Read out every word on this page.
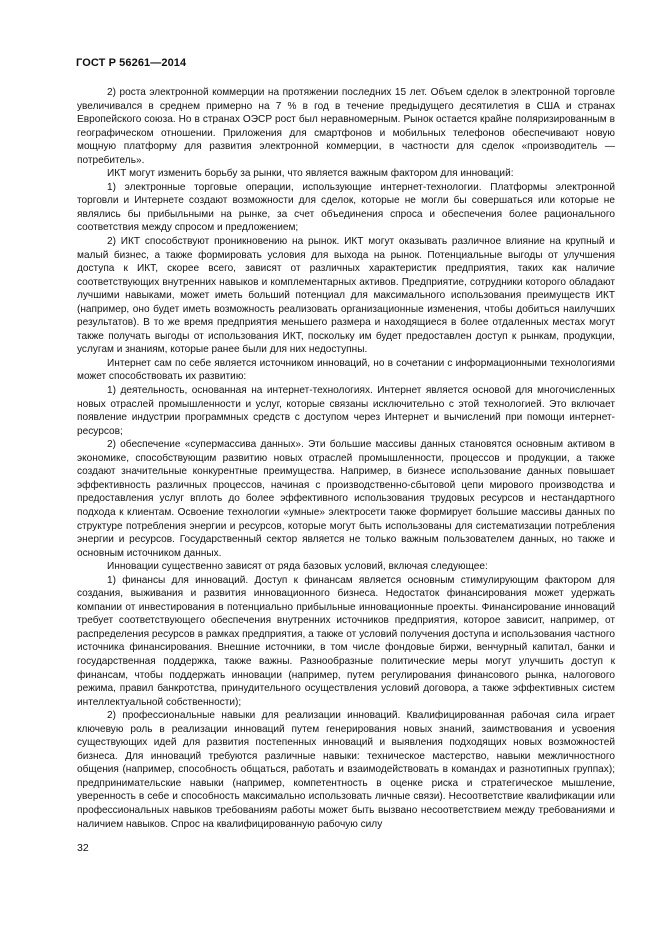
ГОСТ Р 56261—2014

2) роста электронной коммерции на протяжении последних 15 лет. Объем сделок в электронной торговле увеличивался в среднем примерно на 7 % в год в течение предыдущего десятилетия в США и странах Европейского союза. Но в странах ОЭСР рост был неравномерным. Рынок остается крайне поляризированным в географическом отношении. Приложения для смартфонов и мобильных телефонов обеспечивают новую мощную платформу для развития электронной коммерции, в частности для сделок «производитель — потребитель».

ИКТ могут изменить борьбу за рынки, что является важным фактором для инноваций:

1) электронные торговые операции, использующие интернет-технологии. Платформы электронной торговли и Интернете создают возможности для сделок, которые не могли бы совершаться или которые не являлись бы прибыльными на рынке, за счет объединения спроса и обеспечения более рационального соответствия между спросом и предложением;

2) ИКТ способствуют проникновению на рынок. ИКТ могут оказывать различное влияние на крупный и малый бизнес, а также формировать условия для выхода на рынок. Потенциальные выгоды от улучшения доступа к ИКТ, скорее всего, зависят от различных характеристик предприятия, таких как наличие соответствующих внутренних навыков и комплементарных активов. Предприятие, сотрудники которого обладают лучшими навыками, может иметь больший потенциал для максимального использования преимуществ ИКТ (например, оно будет иметь возможность реализовать организационные изменения, чтобы добиться наилучших результатов). В то же время предприятия меньшего размера и находящиеся в более отдаленных местах могут также получать выгоды от использования ИКТ, поскольку им будет предоставлен доступ к рынкам, продукции, услугам и знаниям, которые ранее были для них недоступны.

Интернет сам по себе является источником инноваций, но в сочетании с информационными технологиями может способствовать их развитию:

1) деятельность, основанная на интернет-технологиях. Интернет является основой для многочисленных новых отраслей промышленности и услуг, которые связаны исключительно с этой технологией. Это включает появление индустрии программных средств с доступом через Интернет и вычислений при помощи интернет-ресурсов;

2) обеспечение «супермассива данных». Эти большие массивы данных становятся основным активом в экономике, способствующим развитию новых отраслей промышленности, процессов и продукции, а также создают значительные конкурентные преимущества. Например, в бизнесе использование данных повышает эффективность различных процессов, начиная с производственно-сбытовой цепи мирового производства и предоставления услуг вплоть до более эффективного использования трудовых ресурсов и нестандартного подхода к клиентам. Освоение технологии «умные» электросети также формирует большие массивы данных по структуре потребления энергии и ресурсов, которые могут быть использованы для систематизации потребления энергии и ресурсов. Государственный сектор является не только важным пользователем данных, но также и основным источником данных.

Инновации существенно зависят от ряда базовых условий, включая следующее:

1) финансы для инноваций. Доступ к финансам является основным стимулирующим фактором для создания, выживания и развития инновационного бизнеса. Недостаток финансирования может удержать компании от инвестирования в потенциально прибыльные инновационные проекты. Финансирование инноваций требует соответствующего обеспечения внутренних источников предприятия, которое зависит, например, от распределения ресурсов в рамках предприятия, а также от условий получения доступа и использования частного источника финансирования. Внешние источники, в том числе фондовые биржи, венчурный капитал, банки и государственная поддержка, также важны. Разнообразные политические меры могут улучшить доступ к финансам, чтобы поддержать инновации (например, путем регулирования финансового рынка, налогового режима, правил банкротства, принудительного осуществления условий договора, а также эффективных систем интеллектуальной собственности);

2) профессиональные навыки для реализации инноваций. Квалифицированная рабочая сила играет ключевую роль в реализации инноваций путем генерирования новых знаний, заимствования и усвоения существующих идей для развития постепенных инноваций и выявления подходящих новых возможностей бизнеса. Для инноваций требуются различные навыки: техническое мастерство, навыки межличностного общения (например, способность общаться, работать и взаимодействовать в командах и разнотипных группах); предпринимательские навыки (например, компетентность в оценке риска и стратегическое мышление, уверенность в себе и способность максимально использовать личные связи). Несоответствие квалификации или профессиональных навыков требованиям работы может быть вызвано несоответствием между требованиями и наличием навыков. Спрос на квалифицированную рабочую силу

32
